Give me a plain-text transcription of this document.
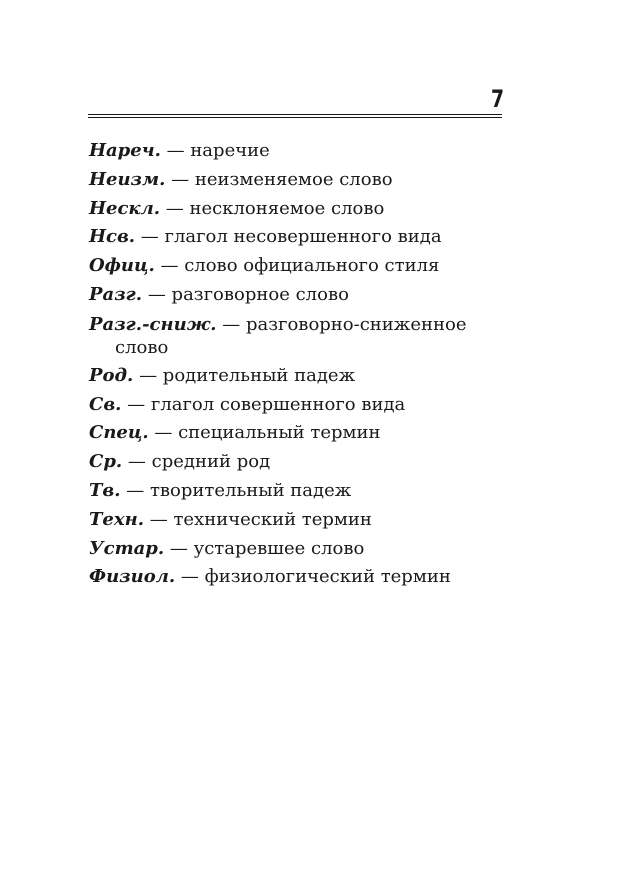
7
Нареч. — наречие
Неизм. — неизменяемое слово
Нескл. — несклоняемое слово
Нсв. — глагол несовершенного вида
Офиц. — слово официального стиля
Разг. — разговорное слово
Разг.-сниж. — разговорно-сниженное слово
Род. — родительный падеж
Св. — глагол совершенного вида
Спец. — специальный термин
Ср. — средний род
Тв. — творительный падеж
Техн. — технический термин
Устар. — устаревшее слово
Физиол. — физиологический термин
